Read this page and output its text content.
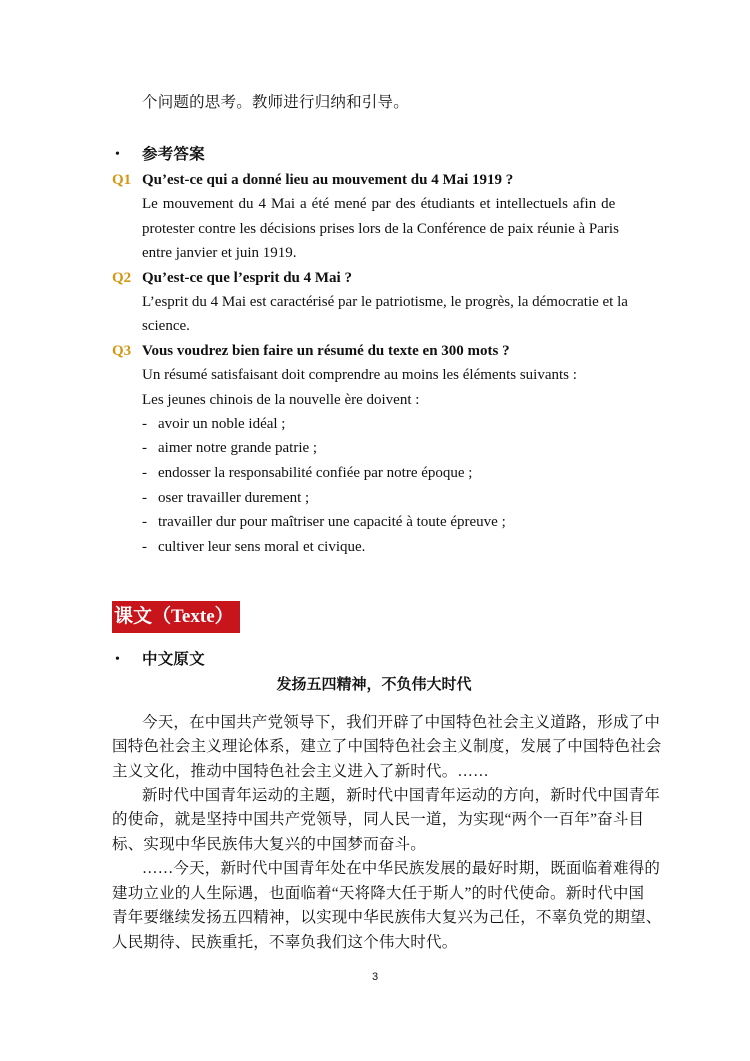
个问题的思考。教师进行归纳和引导。
• 参考答案
Q1 Qu’est-ce qui a donné lieu au mouvement du 4 Mai 1919 ?
Le mouvement du 4 Mai a été mené par des étudiants et intellectuels afin de
protester contre les décisions prises lors de la Conférence de paix réunie à Paris
entre janvier et juin 1919.
Q2 Qu’est-ce que l’esprit du 4 Mai ?
L’esprit du 4 Mai est caractérisé par le patriotisme, le progrès, la démocratie et la
science.
Q3 Vous voudrez bien faire un résumé du texte en 300 mots ?
Un résumé satisfaisant doit comprendre au moins les éléments suivants :
Les jeunes chinois de la nouvelle ère doivent :
- avoir un noble idéal ;
- aimer notre grande patrie ;
- endosser la responsabilité confiée par notre époque ;
- oser travailler durement ;
- travailler dur pour maîtriser une capacité à toute épreuve ;
- cultiver leur sens moral et civique.
课文（Texte）
• 中文原文
发扬五四精神，不负伟大时代
今天，在中国共产党领导下，我们开辟了中国特色社会主义道路，形成了中
国特色社会主义理论体系，建立了中国特色社会主义制度，发展了中国特色社会
主义文化，推动中国特色社会主义进入了新时代。……
新时代中国青年运动的主题，新时代中国青年运动的方向，新时代中国青年
的使命，就是坚持中国共产党领导，同人民一道，为实现“两个一百年”奋斗目
标、实现中华民族伟大复兴的中国梦而奋斗。
……今天，新时代中国青年处在中华民族发展的最好时期，既面临着难得的
建功立业的人生际遇，也面临着“天将降大任于斯人”的时代使命。新时代中国
青年要继续发扬五四精神，以实现中华民族伟大复兴为己任，不辜负党的期望、
人民期待、民族重托，不辜负我们这个伟大时代。
3
